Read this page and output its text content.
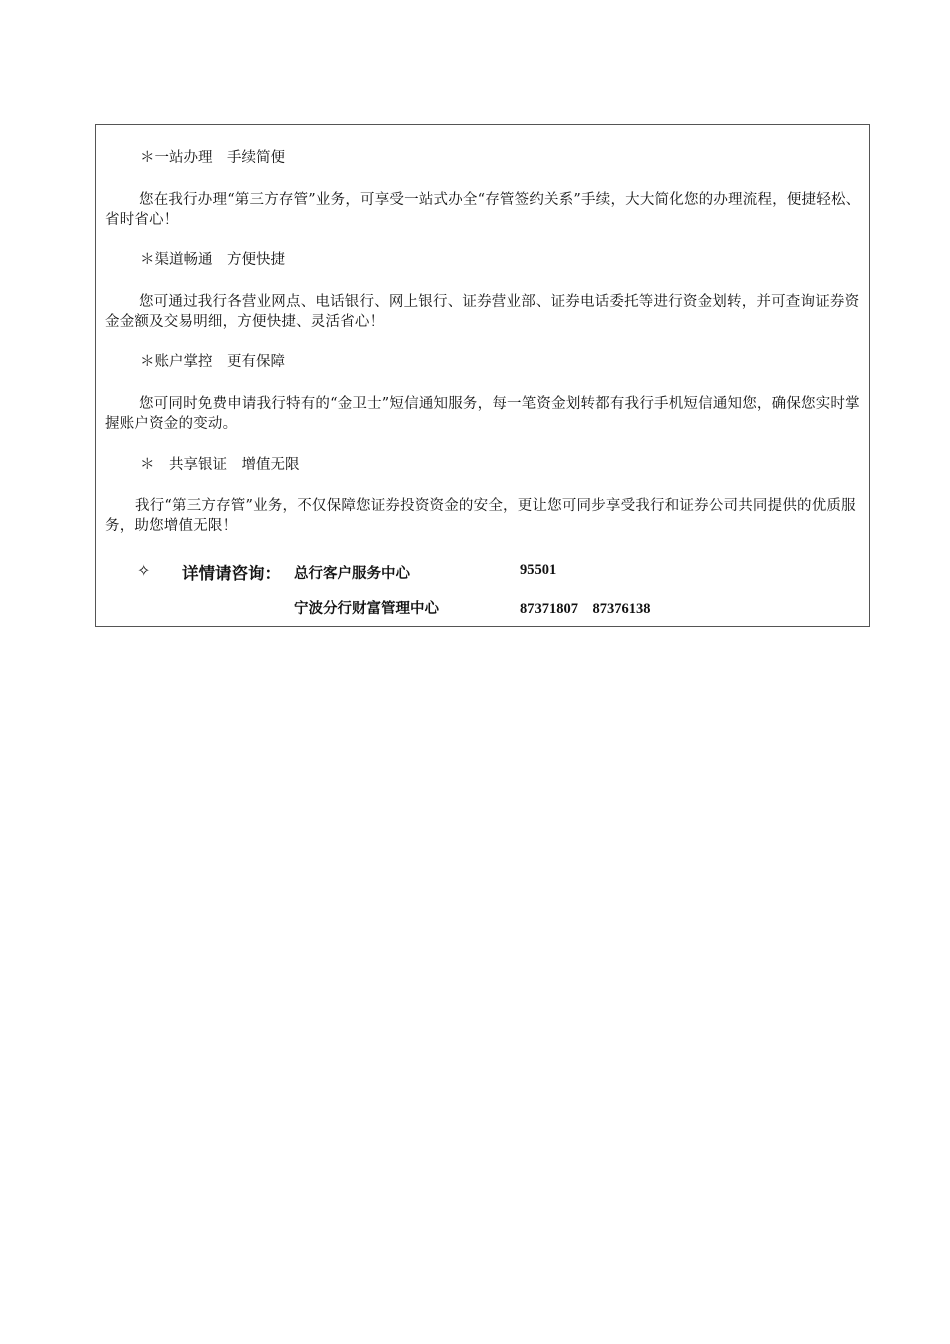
＊一站办理　手续简便
您在我行办理“第三方存管”业务，可享受一站式办全“存管签约关系”手续，大大简化您的办理流程，便捷轻松、省时省心！
＊渠道畅通　方便快捷
您可通过我行各营业网点、电话银行、网上银行、证券营业部、证券电话委托等进行资金划转，并可查询证券资金金额及交易明细，方便快捷、灵活省心！
＊账户掌控　更有保障
您可同时免费申请我行特有的“金卫士”短信通知服务，每一笔资金划转都有我行手机短信通知您，确保您实时掌握账户资金的变动。
＊　共享银证　增值无限
我行“第三方存管”业务，不仅保障您证券投资资金的安全，更让您可同步享受我行和证券公司共同提供的优质服务，助您增值无限！
✧ 详情请咨询： 总行客户服务中心	95501
宁波分行财富管理中心	87371807　87376138
